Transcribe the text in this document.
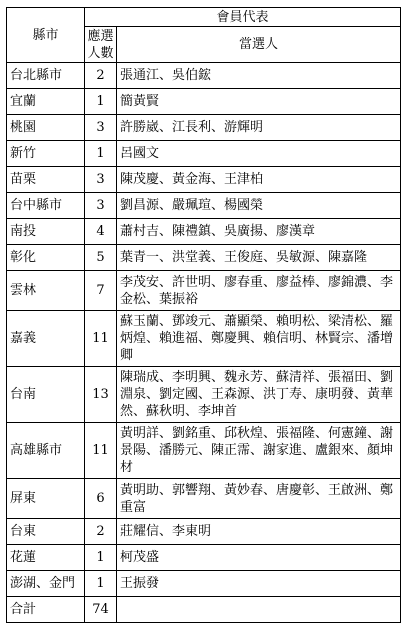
縣市	會員代表	
	應選人數	當選人
台北縣市	2	張通江、吳伯鋐
宜蘭	1	簡黃賢
桃園	3	許勝崴、江長利、游輝明
新竹	1	呂國文
苗栗	3	陳茂慶、黃金海、王津柏
台中縣市	3	劉昌源、嚴珮瑄、楊國榮
南投	4	蕭村吉、陳禮鎮、吳廣揚、廖漢章
彰化	5	葉青一、洪堂義、王俊庭、吳敏源、陳嘉隆
雲林	7	李茂安、許世明、廖春重、廖益棒、廖錦濃、李金松、葉振裕
嘉義	11	蘇玉蘭、鄧竣元、蕭顯榮、賴明松、梁清松、羅炳煌、賴進福、鄭慶興、賴信明、林賢宗、潘增卿
台南	13	陳瑞成、李明興、魏永芳、蘇清祥、張福田、劉淵泉、劉定國、王森源、洪丁寿、康明發、黃華然、蘇秋明、李坤首
高雄縣市	11	黃明詳、劉銘重、邱秋煌、張福隆、何憲鐘、謝景陽、潘勝元、陳正霈、謝家進、盧銀來、顏坤材
屏東	6	黃明助、郭響翔、黃妙春、唐慶彰、王啟洲、鄭重富
台東	2	莊耀信、李東明
花蓮	1	柯茂盛
澎湖、金門	1	王振發
合計	74	
